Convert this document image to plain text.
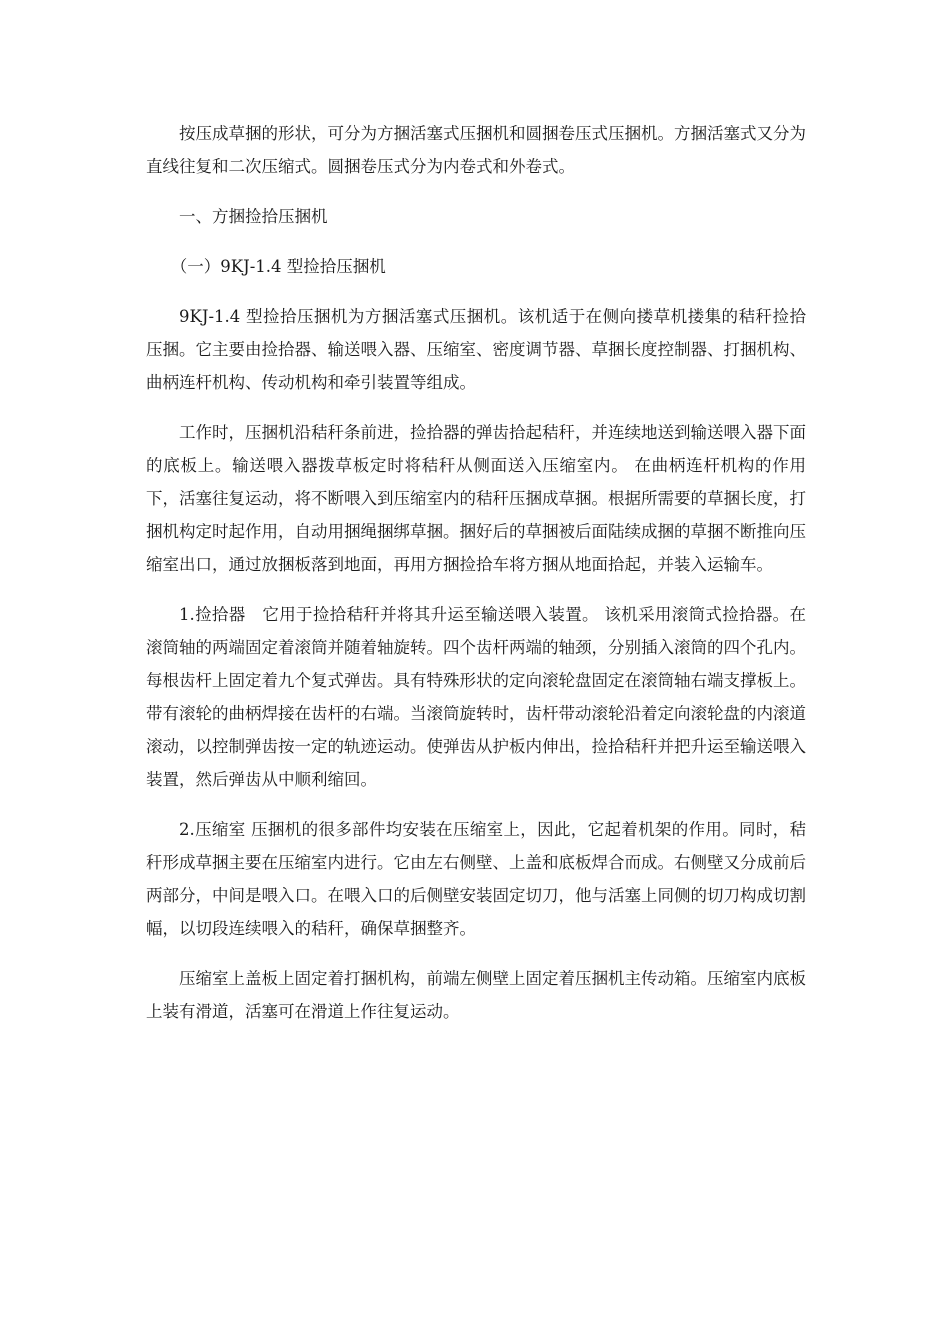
按压成草捆的形状，可分为方捆活塞式压捆机和圆捆卷压式压捆机。方捆活塞式又分为直线往复和二次压缩式。圆捆卷压式分为内卷式和外卷式。

一、方捆捡拾压捆机

（一）9KJ-1.4 型捡拾压捆机

9KJ-1.4 型捡拾压捆机为方捆活塞式压捆机。该机适于在侧向搂草机搂集的秸秆捡拾压捆。它主要由捡拾器、输送喂入器、压缩室、密度调节器、草捆长度控制器、打捆机构、曲柄连杆机构、传动机构和牵引装置等组成。

工作时，压捆机沿秸秆条前进，捡拾器的弹齿拾起秸秆，并连续地送到输送喂入器下面的底板上。输送喂入器拨草板定时将秸秆从侧面送入压缩室内。 在曲柄连杆机构的作用下，活塞往复运动，将不断喂入到压缩室内的秸秆压捆成草捆。根据所需要的草捆长度，打捆机构定时起作用，自动用捆绳捆绑草捆。捆好后的草捆被后面陆续成捆的草捆不断推向压缩室出口，通过放捆板落到地面，再用方捆捡拾车将方捆从地面拾起，并装入运输车。

1.捡拾器　它用于捡拾秸秆并将其升运至输送喂入装置。 该机采用滚筒式捡拾器。在滚筒轴的两端固定着滚筒并随着轴旋转。四个齿杆两端的轴颈，分别插入滚筒的四个孔内。每根齿杆上固定着九个复式弹齿。具有特殊形状的定向滚轮盘固定在滚筒轴右端支撑板上。带有滚轮的曲柄焊接在齿杆的右端。当滚筒旋转时，齿杆带动滚轮沿着定向滚轮盘的内滚道滚动，以控制弹齿按一定的轨迹运动。使弹齿从护板内伸出，捡拾秸秆并把升运至输送喂入装置，然后弹齿从中顺利缩回。

2.压缩室 压捆机的很多部件均安装在压缩室上，因此，它起着机架的作用。同时，秸秆形成草捆主要在压缩室内进行。它由左右侧壁、上盖和底板焊合而成。右侧壁又分成前后两部分，中间是喂入口。在喂入口的后侧壁安装固定切刀，他与活塞上同侧的切刀构成切割幅，以切段连续喂入的秸秆，确保草捆整齐。

压缩室上盖板上固定着打捆机构，前端左侧壁上固定着压捆机主传动箱。压缩室内底板上装有滑道，活塞可在滑道上作往复运动。
